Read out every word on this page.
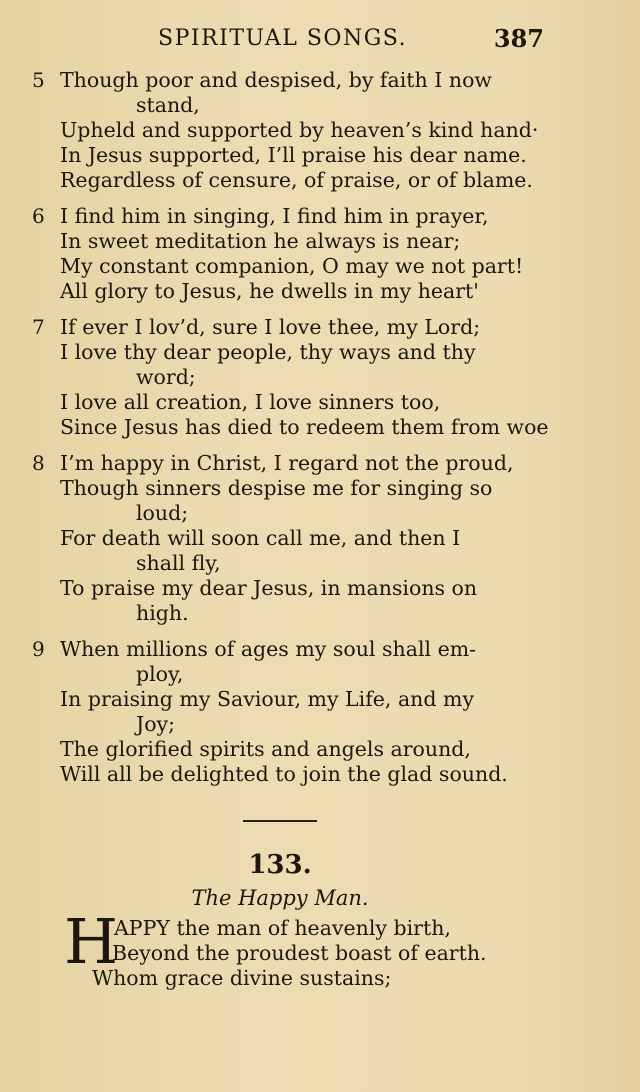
SPIRITUAL SONGS.	387
5 Though poor and despised, by faith I now
stand,
Upheld and supported by heaven’s kind hand·
In Jesus supported, I’ll praise his dear name.
Regardless of censure, of praise, or of blame.
6 I find him in singing, I find him in prayer,
In sweet meditation he always is near;
My constant companion, O may we not part!
All glory to Jesus, he dwells in my heart'
7 If ever I lov’d, sure I love thee, my Lord;
I love thy dear people, thy ways and thy
word;
I love all creation, I love sinners too,
Since Jesus has died to redeem them from woe
8 I’m happy in Christ, I regard not the proud,
Though sinners despise me for singing so
loud;
For death will soon call me, and then I
shall fly,
To praise my dear Jesus, in mansions on
high.
9 When millions of ages my soul shall em-
ploy,
In praising my Saviour, my Life, and my
Joy;
The glorified spirits and angels around,
Will all be delighted to join the glad sound.
133.
The Happy Man.
H
APPY the man of heavenly birth,
Beyond the proudest boast of earth.
Whom grace divine sustains;
